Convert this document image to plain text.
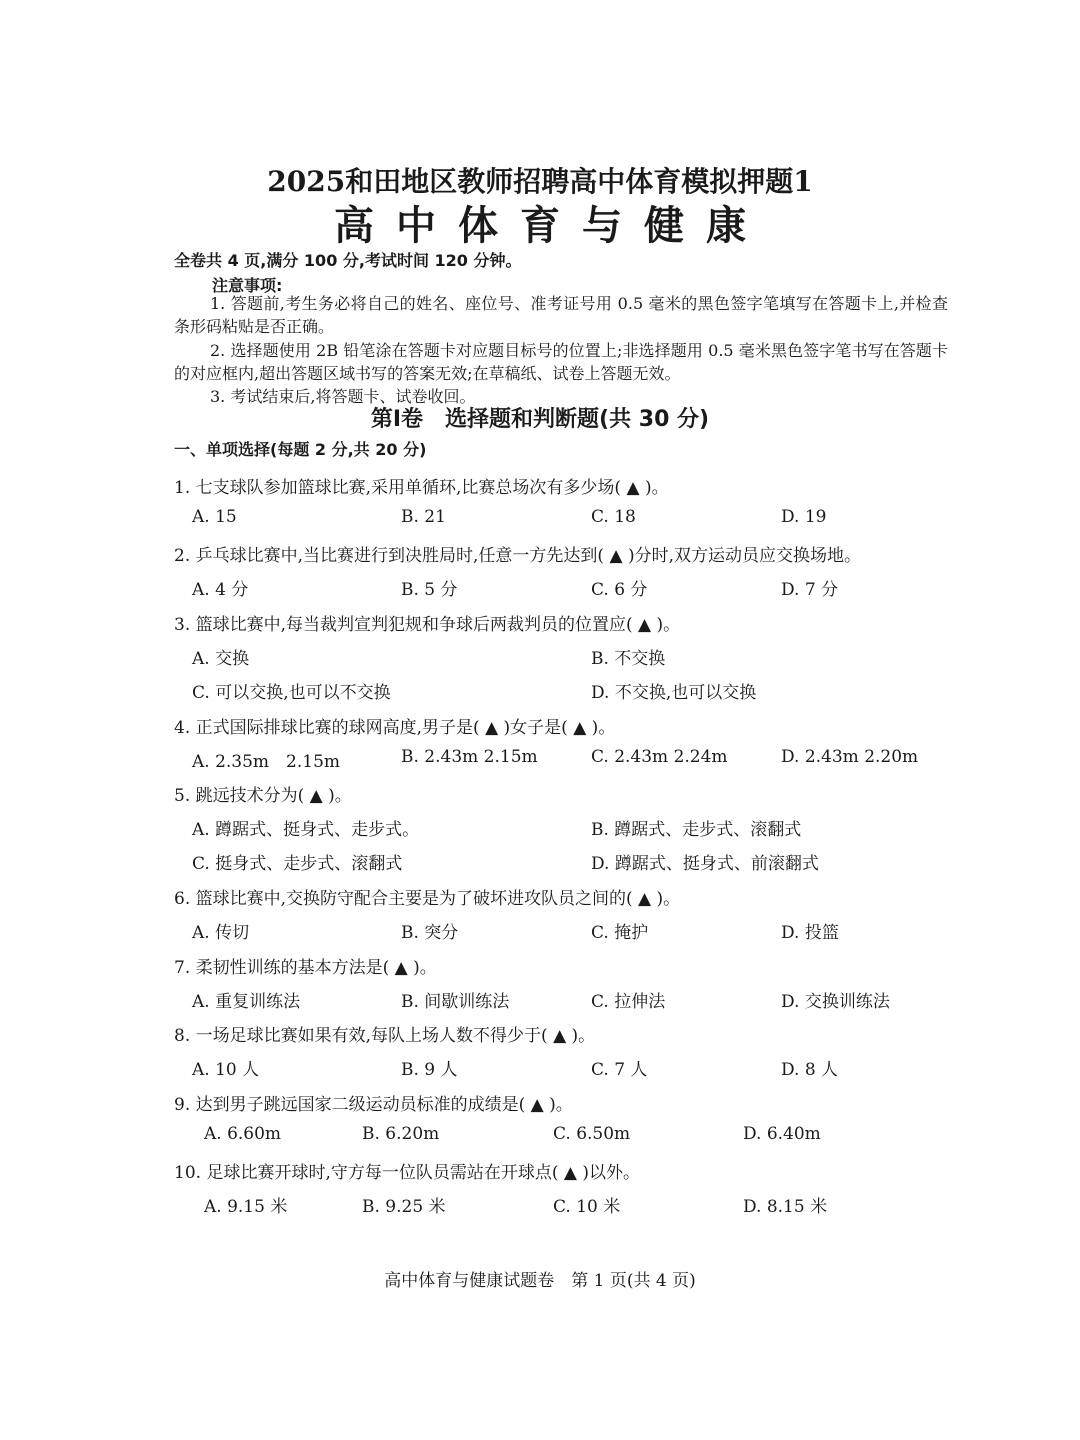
2025和田地区教师招聘高中体育模拟押题1
高中体育与健康
全卷共 4 页,满分 100 分,考试时间 120 分钟。
注意事项:
1. 答题前,考生务必将自己的姓名、座位号、准考证号用 0.5 毫米的黑色签字笔填写在答题卡上,并检查条形码粘贴是否正确。
2. 选择题使用 2B 铅笔涂在答题卡对应题目标号的位置上;非选择题用 0.5 毫米黑色签字笔书写在答题卡的对应框内,超出答题区域书写的答案无效;在草稿纸、试卷上答题无效。
3. 考试结束后,将答题卡、试卷收回。
第Ⅰ卷　选择题和判断题(共 30 分)
一、单项选择(每题 2 分,共 20 分)
1. 七支球队参加篮球比赛,采用单循环,比赛总场次有多少场( ▲ )。
A. 15	B. 21	C. 18	D. 19
2. 乒乓球比赛中,当比赛进行到决胜局时,任意一方先达到( ▲ )分时,双方运动员应交换场地。
A. 4 分	B. 5 分	C. 6 分	D. 7 分
3. 篮球比赛中,每当裁判宣判犯规和争球后两裁判员的位置应( ▲ )。
A. 交换	B. 不交换
C. 可以交换,也可以不交换	D. 不交换,也可以交换
4. 正式国际排球比赛的球网高度,男子是( ▲ )女子是( ▲ )。
A. 2.35m　2.15m	B. 2.43m 2.15m	C. 2.43m 2.24m	D. 2.43m 2.20m
5. 跳远技术分为( ▲ )。
A. 蹲踞式、挺身式、走步式。	B. 蹲踞式、走步式、滚翻式
C. 挺身式、走步式、滚翻式	D. 蹲踞式、挺身式、前滚翻式
6. 篮球比赛中,交换防守配合主要是为了破坏进攻队员之间的( ▲ )。
A. 传切	B. 突分	C. 掩护	D. 投篮
7. 柔韧性训练的基本方法是( ▲ )。
A. 重复训练法	B. 间歇训练法	C. 拉伸法	D. 交换训练法
8. 一场足球比赛如果有效,每队上场人数不得少于( ▲ )。
A. 10 人	B. 9 人	C. 7 人	D. 8 人
9. 达到男子跳远国家二级运动员标准的成绩是( ▲ )。
A. 6.60m	B. 6.20m	C. 6.50m	D. 6.40m
10. 足球比赛开球时,守方每一位队员需站在开球点( ▲ )以外。
A. 9.15 米	B. 9.25 米	C. 10 米	D. 8.15 米
高中体育与健康试题卷　第 1 页(共 4 页)
